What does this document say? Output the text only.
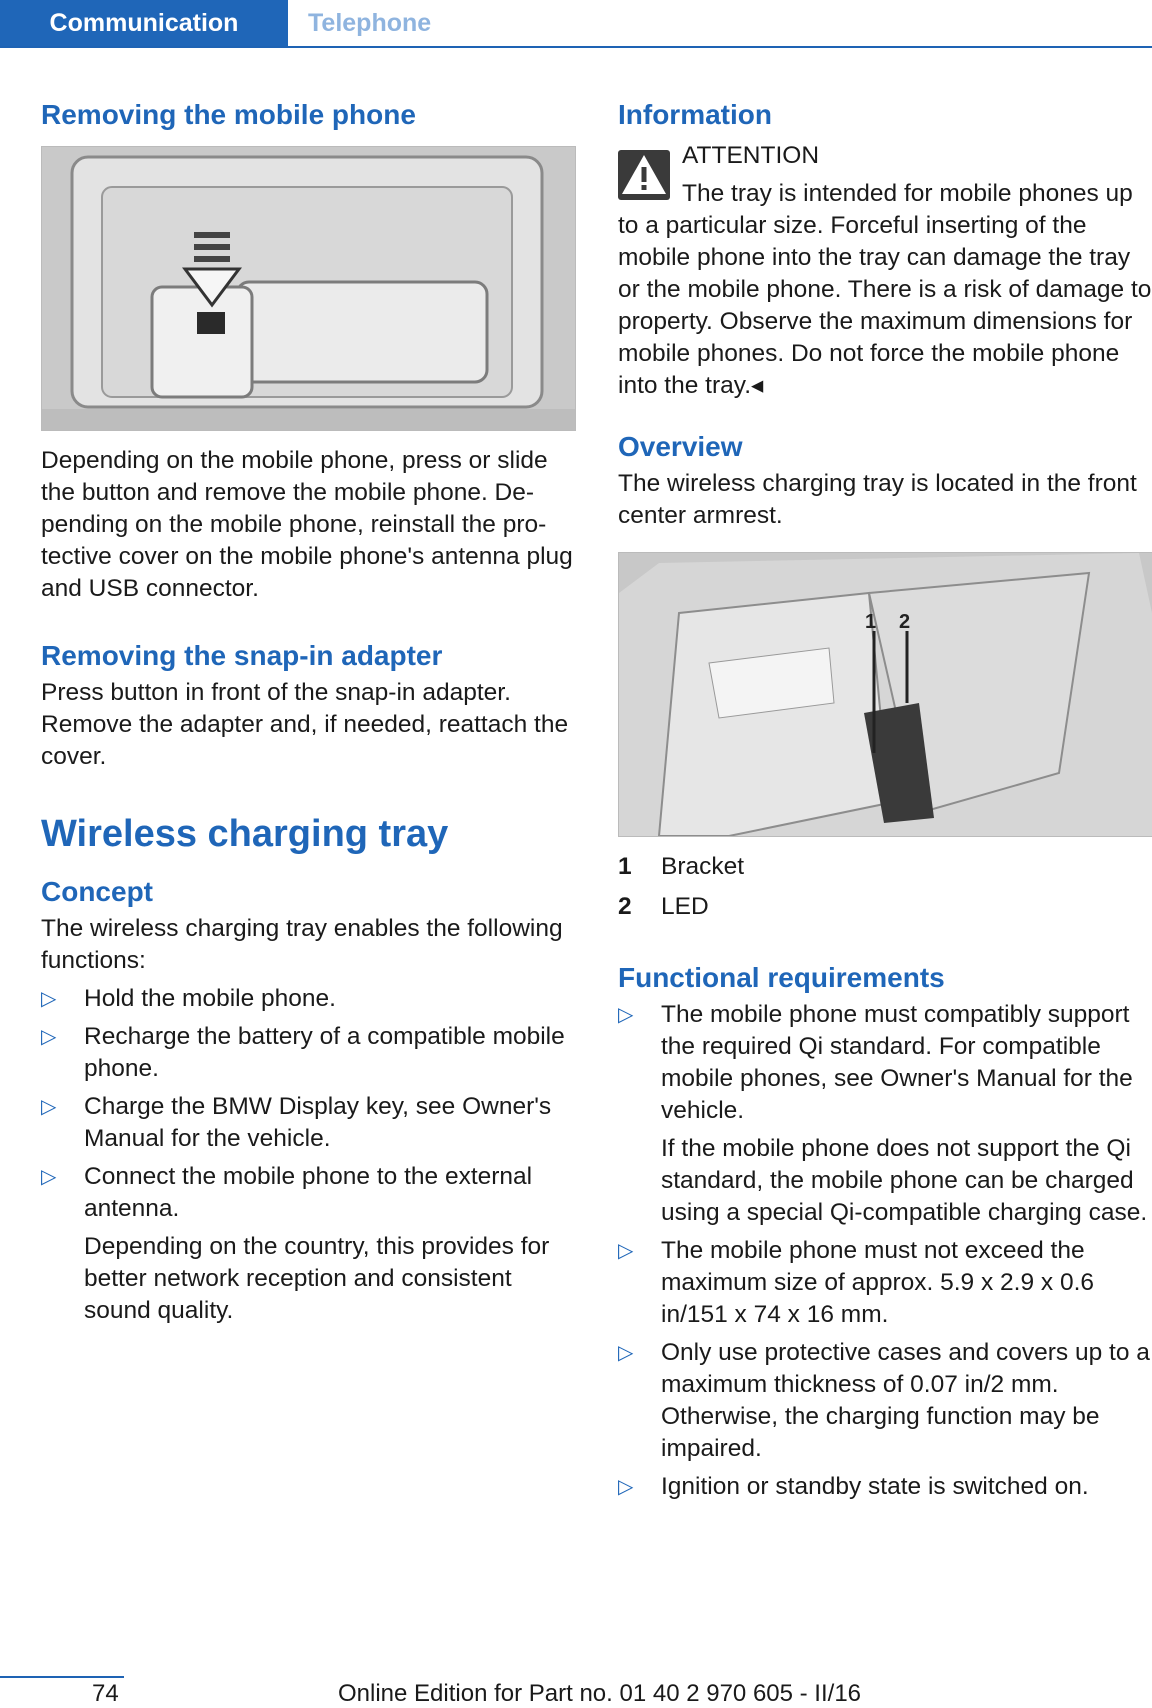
Communication	Telephone
Removing the mobile phone

Depending on the mobile phone, press or slide the button and remove the mobile phone. Depending on the mobile phone, reinstall the protective cover on the mobile phone's antenna plug and USB connector.

Removing the snap-in adapter

Press button in front of the snap-in adapter. Remove the adapter and, if needed, reattach the cover.

Wireless charging tray
Concept

The wireless charging tray enables the following functions:

▷ Hold the mobile phone.
▷ Recharge the battery of a compatible mobile phone.
▷ Charge the BMW Display key, see Owner's Manual for the vehicle.
▷ Connect the mobile phone to the external antenna.
Depending on the country, this provides for better network reception and consistent sound quality.
Information

ATTENTION

The tray is intended for mobile phones up to a particular size. Forceful inserting of the mobile phone into the tray can damage the tray or the mobile phone. There is a risk of damage to property. Observe the maximum dimensions for mobile phones. Do not force the mobile phone into the tray.◂

Overview

The wireless charging tray is located in the front center armrest.

1 2
1	Bracket
2	LED
Functional requirements
▷ The mobile phone must compatibly support the required Qi standard. For compatible mobile phones, see Owner's Manual for the vehicle.
If the mobile phone does not support the Qi standard, the mobile phone can be charged using a special Qi-compatible charging case.
▷ The mobile phone must not exceed the maximum size of approx. 5.9 x 2.9 x 0.6 in/151 x 74 x 16 mm.
▷ Only use protective cases and covers up to a maximum thickness of 0.07 in/2 mm. Otherwise, the charging function may be impaired.
▷ Ignition or standby state is switched on.
74	Online Edition for Part no. 01 40 2 970 605 - II/16
